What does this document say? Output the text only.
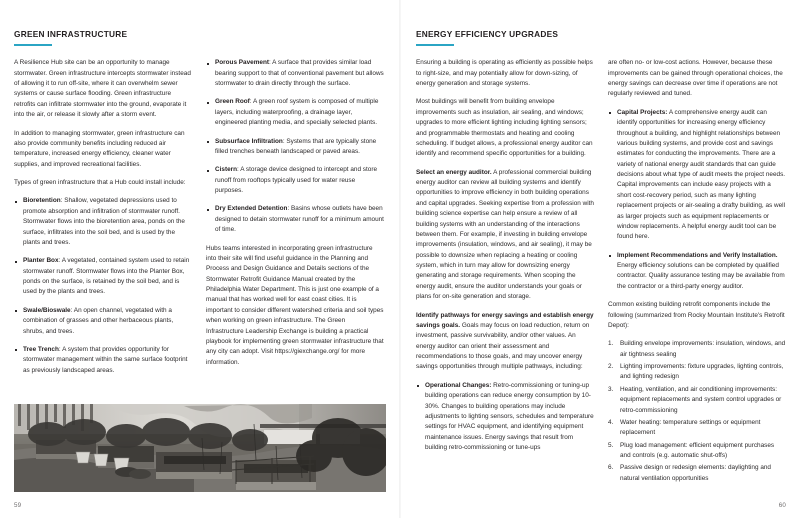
GREEN INFRASTRUCTURE

A Resilience Hub site can be an opportunity to manage stormwater. Green infrastructure intercepts stormwater instead of allowing it to run off-site, where it can overwhelm sewer systems or cause surface flooding. Green infrastructure retrofits can infiltrate stormwater into the ground, evaporate it into the air, or release it slowly after a storm event.

In addition to managing stormwater, green infrastructure can also provide community benefits including reduced air temperature, increased energy efficiency, cleaner water supplies, and improved recreational facilities.

Types of green infrastructure that a Hub could install include:

Bioretention: Shallow, vegetated depressions used to promote absorption and infiltration of stormwater runoff. Stormwater flows into the bioretention area, ponds on the surface, infiltrates into the soil bed, and is used by the plants and trees.
Planter Box: A vegetated, contained system used to retain stormwater runoff. Stormwater flows into the Planter Box, ponds on the surface, is retained by the soil bed, and is used by the plants and trees.
Swale/Bioswale: An open channel, vegetated with a combination of grasses and other herbaceous plants, shrubs, and trees.
Tree Trench: A system that provides opportunity for stormwater management within the same surface footprint as previously landscaped areas.
Porous Pavement: A surface that provides similar load bearing support to that of conventional pavement but allows stormwater to drain directly through the surface.
Green Roof: A green roof system is composed of multiple layers, including waterproofing, a drainage layer, engineered planting media, and specially selected plants.
Subsurface Infiltration: Systems that are typically stone filled trenches beneath landscaped or paved areas.
Cistern: A storage device designed to intercept and store runoff from rooftops typically used for water reuse purposes.
Dry Extended Detention: Basins whose outlets have been designed to detain stormwater runoff for a minimum amount of time.

Hubs teams interested in incorporating green infrastructure into their site will find useful guidance in the Planning and Process and Design Guidance and Details sections of the Stormwater Retrofit Guidance Manual created by the Philadelphia Water Department. This is just one example of a manual that has worked well for east coast cities. It is important to consider different watershed criteria and soil types when working on green infrastructure. The Green Infrastructure Leadership Exchange is building a practical playbook for implementing green stormwater infrastructure that any city can adopt. Visit https://giexchange.org/ for more information.

59
ENERGY EFFICIENCY UPGRADES

Ensuring a building is operating as efficiently as possible helps to right-size, and may potentially allow for down-sizing, of energy generation and storage systems.

Most buildings will benefit from building envelope improvements such as insulation, air sealing, and windows; upgrades to more efficient lighting including lighting sensors; and programmable thermostats and heating and cooling scheduling. If budget allows, a professional energy auditor can identify and recommend specific opportunities for a building.

Select an energy auditor. A professional commercial building energy auditor can review all building systems and identify opportunities to improve efficiency in both building operations and capital upgrades. Seeking expertise from a profession with building science expertise can help ensure a review of all building systems with an understanding of the interactions between them. For example, if investing in building envelope improvements (insulation, windows, and air sealing), it may be possible to downsize when replacing a heating or cooling system, which in turn may allow for downsizing energy generating and storage requirements. When scoping the energy audit, ensure the auditor understands your goals or plans for on-site generation and storage.

Identify pathways for energy savings and establish energy savings goals. Goals may focus on load reduction, return on investment, passive survivability, and/or other values. An energy auditor can orient their assessment and recommendations to those goals, and may uncover energy savings opportunities through multiple pathways, including:

Operational Changes: Retro-commissioning or tuning-up building operations can reduce energy consumption by 10-30%. Changes to building operations may include adjustments to lighting sensors, schedules and temperature settings for HVAC equipment, and identifying equipment maintenance issues. Energy savings that result from building retro-commissioning or tune-ups

are often no- or low-cost actions. However, because these improvements can be gained through operational choices, the energy savings can decrease over time if operations are not regularly reviewed and tuned.

Capital Projects: A comprehensive energy audit can identify opportunities for increasing energy efficiency throughout a building, and highlight relationships between various building systems, and provide cost and savings estimates for conducting the improvements. There are a variety of national energy audit standards that can guide decisions about what type of audit meets the project needs. Capital improvements can include easy projects with a short cost-recovery period, such as many lighting replacement projects or air-sealing a drafty building, as well as larger projects such as equipment replacements or window replacements. A helpful energy audit tool can be found here.
Implement Recommendations and Verify Installation. Energy efficiency solutions can be completed by qualified contractor. Quality assurance testing may be available from the contractor or a third-party energy auditor.

Common existing building retrofit components include the following (summarized from Rocky Mountain Institute's Retrofit Depot):

Building envelope improvements: insulation, windows, and air tightness sealing
Lighting improvements: fixture upgrades, lighting controls, and lighting redesign
Heating, ventilation, and air conditioning improvements: equipment replacements and system control upgrades or retro-commissioning
Water heating: temperature settings or equipment replacement
Plug load management: efficient equipment purchases and controls (e.g. automatic shut-offs)
Passive design or redesign elements: daylighting and natural ventilation opportunities
60
